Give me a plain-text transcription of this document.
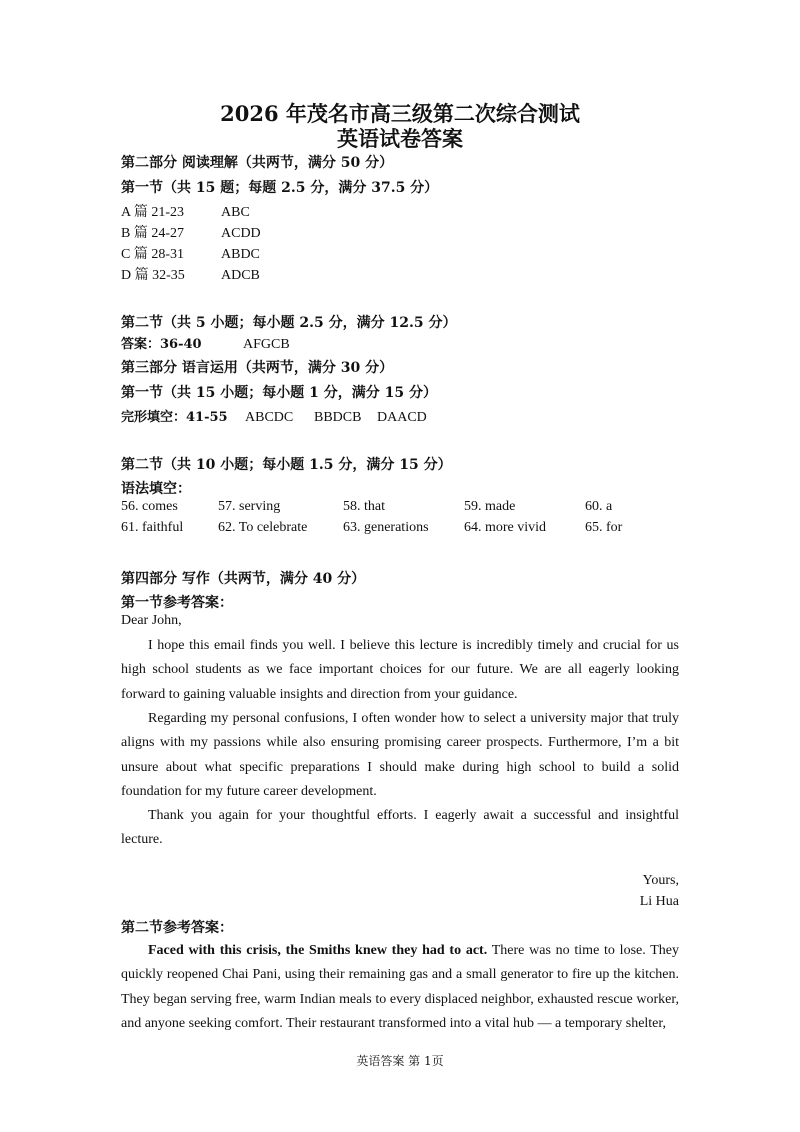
2026 年茂名市高三级第二次综合测试
英语试卷答案
第二部分 阅读理解（共两节，满分 50 分）
第一节（共 15 题；每题 2.5 分，满分 37.5 分）
A 篇 21-23	ABC
B 篇 24-27	ACDD
C 篇 28-31	ABDC
D 篇 32-35	ADCB
第二节（共 5 小题；每小题 2.5 分，满分 12.5 分）
答案：36-40	AFGCB
第三部分 语言运用（共两节，满分 30 分）
第一节（共 15 小题；每小题 1 分，满分 15 分）
完形填空：41-55 ABCDC BBDCB DAACD
第二节（共 10 小题；每小题 1.5 分，满分 15 分）
语法填空：
56. comes	57. serving	58. that	59. made	60. a
61. faithful 62. To celebrate	63. generations	64. more vivid	65. for
第四部分 写作（共两节，满分 40 分）
第一节参考答案：
Dear John,
I hope this email finds you well. I believe this lecture is incredibly timely and crucial for us high school students as we face important choices for our future. We are all eagerly looking forward to gaining valuable insights and direction from your guidance.
Regarding my personal confusions, I often wonder how to select a university major that truly aligns with my passions while also ensuring promising career prospects. Furthermore, I’m a bit unsure about what specific preparations I should make during high school to build a solid foundation for my future career development.
Thank you again for your thoughtful efforts. I eagerly await a successful and insightful lecture.
Yours,
Li Hua
第二节参考答案：
Faced with this crisis, the Smiths knew they had to act. There was no time to lose. They quickly reopened Chai Pani, using their remaining gas and a small generator to fire up the kitchen. They began serving free, warm Indian meals to every displaced neighbor, exhausted rescue worker, and anyone seeking comfort. Their restaurant transformed into a vital hub — a temporary shelter,
英语答案 第 1页
